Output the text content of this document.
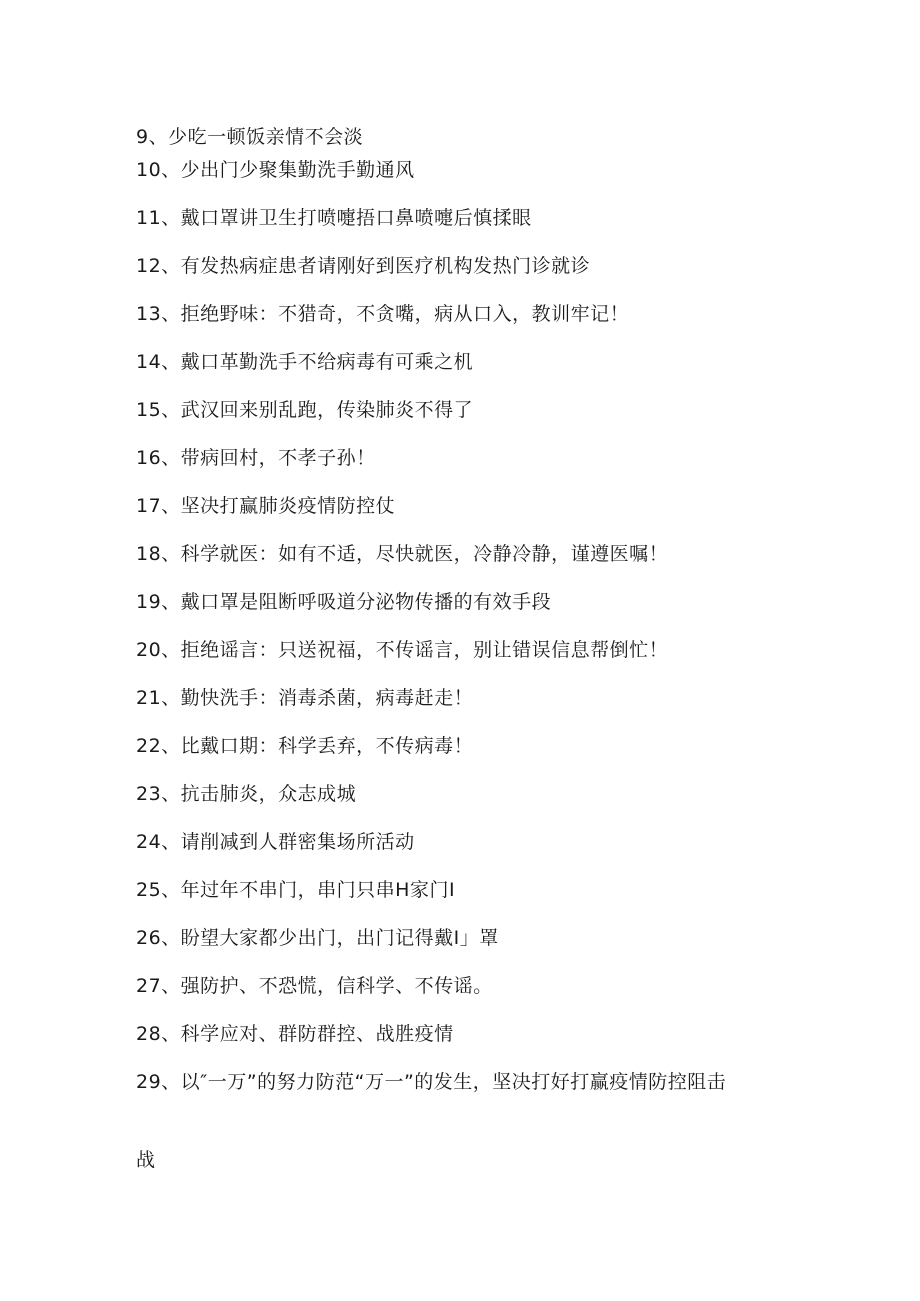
9、少吃一顿饭亲情不会淡
10、少出门少聚集勤洗手勤通风
11、戴口罩讲卫生打喷嚏捂口鼻喷嚏后慎揉眼
12、有发热病症患者请刚好到医疗机构发热门诊就诊
13、拒绝野味：不猎奇，不贪嘴，病从口入，教训牢记！
14、戴口革勤洗手不给病毒有可乘之机
15、武汉回来别乱跑，传染肺炎不得了
16、带病回村，不孝子孙！
17、坚决打赢肺炎疫情防控仗
18、科学就医：如有不适，尽快就医，冷静冷静，谨遵医嘱！
19、戴口罩是阻断呼吸道分泌物传播的有效手段
20、拒绝谣言：只送祝福，不传谣言，别让错误信息帮倒忙！
21、勤快洗手：消毒杀菌，病毒赶走！
22、比戴口期：科学丢弃，不传病毒！
23、抗击肺炎，众志成城
24、请削减到人群密集场所活动
25、年过年不串门，串门只串H家门I
26、盼望大家都少出门，出门记得戴I」罩
27、强防护、不恐慌，信科学、不传谣。
28、科学应对、群防群控、战胜疫情
29、以″一万”的努力防范“万一”的发生，坚决打好打赢疫情防控阻击
战
